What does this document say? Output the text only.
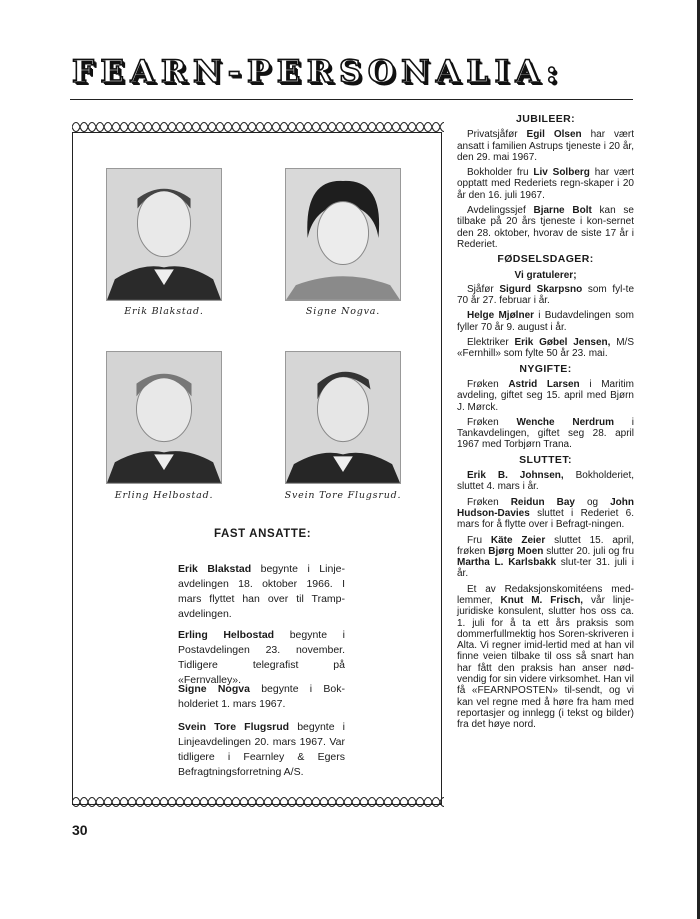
FEARN-PERSONALIA:
Erik Blakstad.	Signe Nogva.
Erling Helbostad.	Svein Tore Flugsrud.
FAST ANSATTE:
Erik Blakstad begynte i Linje-avdelingen 18. oktober 1966. I mars flyttet han over til Tramp-avdelingen.
Erling Helbostad begynte i Postavdelingen 23. november. Tidligere telegrafist på «Fernvalley».
Signe Nogva begynte i Bok-holderiet 1. mars 1967.
Svein Tore Flugsrud begynte i Linjeavdelingen 20. mars 1967. Var tidligere i Fearnley & Egers Befragtningsforretning A/S.
JUBILEER:
Privatsjåfør Egil Olsen har vært ansatt i familien Astrups tjeneste i 20 år, den 29. mai 1967.
Bokholder fru Liv Solberg har vært opptatt med Rederiets regn-skaper i 20 år den 16. juli 1967.
Avdelingssjef Bjarne Bolt kan se tilbake på 20 års tjeneste i kon-sernet den 28. oktober, hvorav de siste 17 år i Rederiet.
FØDSELSDAGER:
Vi gratulerer;
Sjåfør Sigurd Skarpsno som fyl-te 70 år 27. februar i år.
Helge Mjølner i Budavdelingen som fyller 70 år 9. august i år.
Elektriker Erik Gøbel Jensen, M/S «Fernhill» som fylte 50 år 23. mai.
NYGIFTE:
Frøken Astrid Larsen i Maritim avdeling, giftet seg 15. april med Bjørn J. Mørck.
Frøken Wenche Nerdrum i Tankavdelingen, giftet seg 28. april 1967 med Torbjørn Trana.
SLUTTET:
Erik B. Johnsen, Bokholderiet, sluttet 4. mars i år.
Frøken Reidun Bay og John Hudson-Davies sluttet i Rederiet 6. mars for å flytte over i Befragt-ningen.
Fru Käte Zeier sluttet 15. april, frøken Bjørg Moen slutter 20. juli og fru Martha L. Karlsbakk slut-ter 31. juli i år.
Et av Redaksjonskomitéens med-lemmer, Knut M. Frisch, vår linje-juridiske konsulent, slutter hos oss ca. 1. juli for å ta ett års praksis som dommerfullmektig hos Soren-skriveren i Alta. Vi regner imid-lertid med at han vil finne veien tilbake til oss så snart han har fått den praksis han anser nød-vendig for sin videre virksomhet. Han vil få «FEARNPOSTEN» til-sendt, og vi kan vel regne med å høre fra ham med reportasjer og innlegg (i tekst og bilder) fra det høye nord.
30
